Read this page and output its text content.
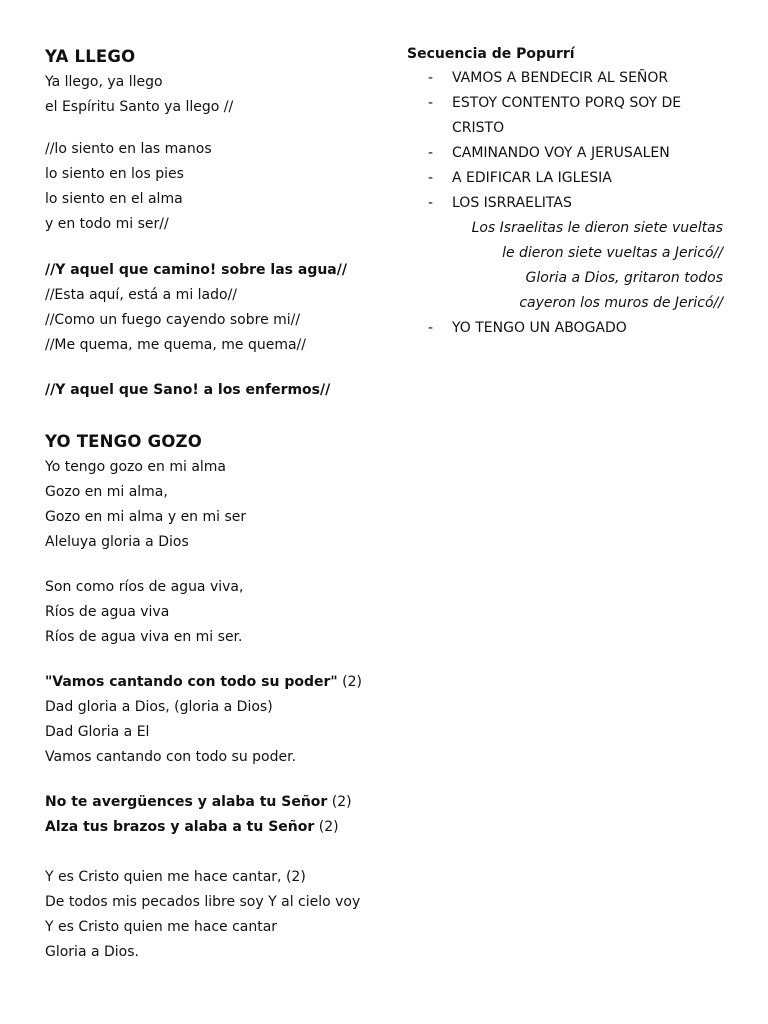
YA LLEGO
Ya llego, ya llego
el Espíritu Santo ya llego //
//lo siento en las manos
lo siento en los pies
lo siento en el alma
y en todo mi ser//
//Y aquel que camino! sobre las agua//
//Esta aquí, está a mi lado//
//Como un fuego cayendo sobre mi//
//Me quema, me quema, me quema//
//Y aquel que Sano! a los enfermos//
YO TENGO GOZO
Yo tengo gozo en mi alma
Gozo en mi alma,
Gozo en mi alma y en mi ser
Aleluya gloria a Dios
Son como ríos de agua viva,
Ríos de agua viva
Ríos de agua viva en mi ser.
"Vamos cantando con todo su poder" (2)
Dad gloria a Dios, (gloria a Dios)
Dad Gloria a El
Vamos cantando con todo su poder.
No te avergüences y alaba tu Señor (2)
Alza tus brazos y alaba a tu Señor (2)
Y es Cristo quien me hace cantar, (2)
De todos mis pecados libre soy Y al cielo voy
Y es Cristo quien me hace cantar
Gloria a Dios.
Secuencia de Popurrí
- VAMOS A BENDECIR AL SEÑOR
- ESTOY CONTENTO PORQ SOY DE CRISTO
- CAMINANDO VOY A JERUSALEN
- A EDIFICAR LA IGLESIA
- LOS ISRRAELITAS
Los Israelitas le dieron siete vueltas
le dieron siete vueltas a Jericó//
Gloria a Dios, gritaron todos
cayeron los muros de Jericó//
- YO TENGO UN ABOGADO
